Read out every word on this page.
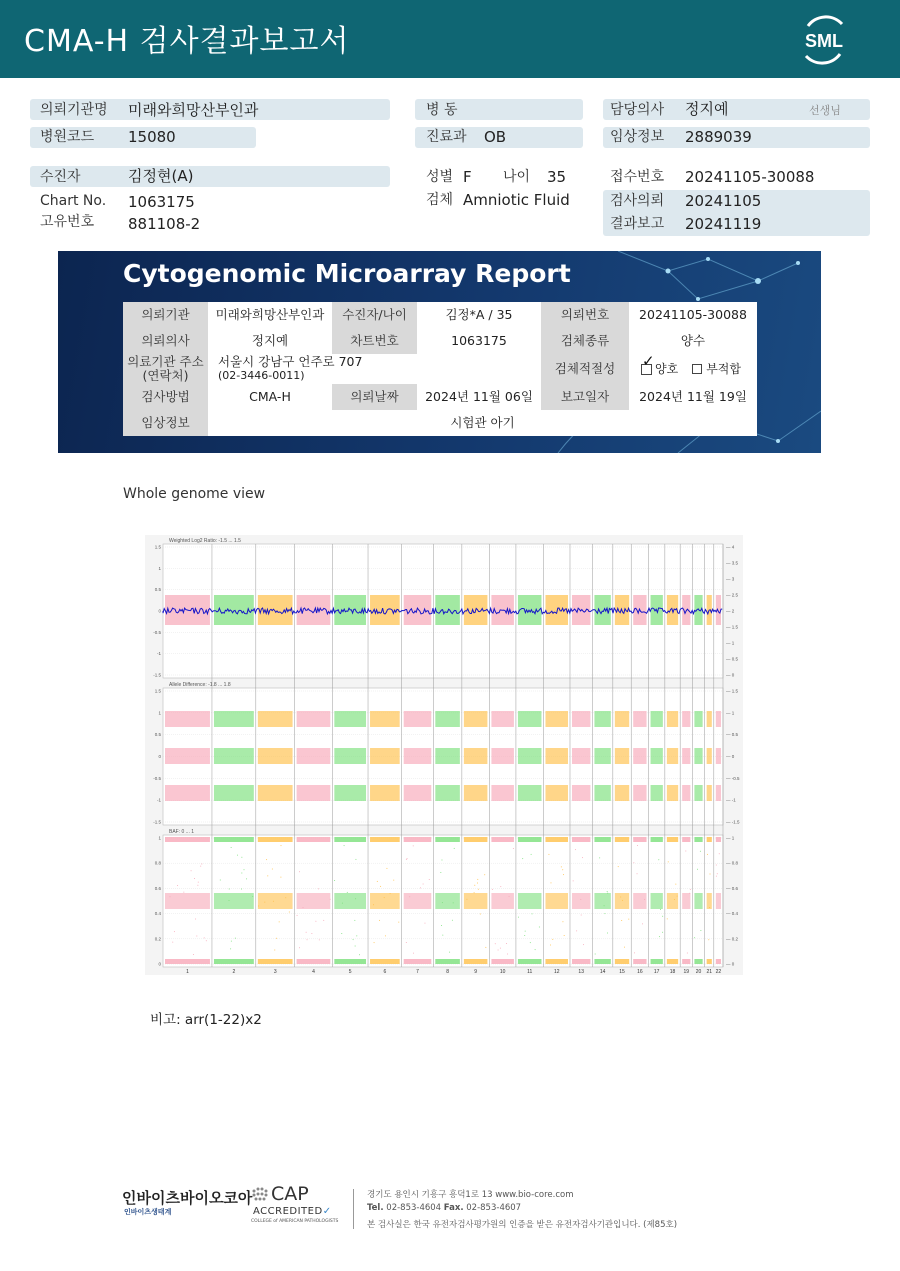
CMA-H 검사결과보고서	SML
의뢰기관명 미래와희망산부인과
병원코드 15080
병 동
진료과 OB
담당의사 정지예	선생님
임상정보 2889039
수진자	김정현(A)
Chart No. 1063175
고유번호 881108-2
성별 F 나이 35
검체 Amniotic Fluid
접수번호 20241105-30088
검사의뢰 20241105
결과보고 20241119
Cytogenomic Microarray Report
의뢰기관	미래와희망산부인과	수진자/나이	김정*A / 35	의뢰번호	20241105-30088
의뢰의사	정지예	차트번호	1063175	검체종류	양수
의료기관 주소
(연락처)
서울시 강남구 언주로 707
(02-3446-0011)	검체적절성	✓ 양호 부적합
검사방법	CMA-H	의뢰날짜	2024년 11월 06일	보고일자	2024년 11월 19일
임상정보	시험관 아기
Whole genome view
Weighted Log2 Ratio: -1.5 ... 1.5
1.5
1
0.5
0
-0.5
-1
-1.5
— 4
— 3.5
— 3
— 2.5
— 2
— 1.5
— 1
— 0.5
— 0
Allele Difference: -1.8 ... 1.8
1.5
1
0.5
0
-0.5
-1
-1.5
— 1.5
— 1
— 0.5
— 0
— -0.5
— -1
— -1.5
BAF: 0 ... 1
1
0.8
0.6
0.4
0.2
0
— 1
— 0.8
— 0.6
— 0.4
— 0.2
— 0
1	2	3	4	5	6	7	8	9	10	11	12	13	14	15 16 17 18 19 20 21 22
비고: arr(1-22)x2
인바이츠바이오코아
인바이츠생태계
CAP
ACCREDITED✓
COLLEGE of AMERICAN PATHOLOGISTS
경기도 용인시 기흥구 흥덕1로 13 www.bio-core.com
Tel. 02-853-4604 Fax. 02-853-4607
본 검사실은 한국 유전자검사평가원의 인증을 받은 유전자검사기관입니다. (제85호)
